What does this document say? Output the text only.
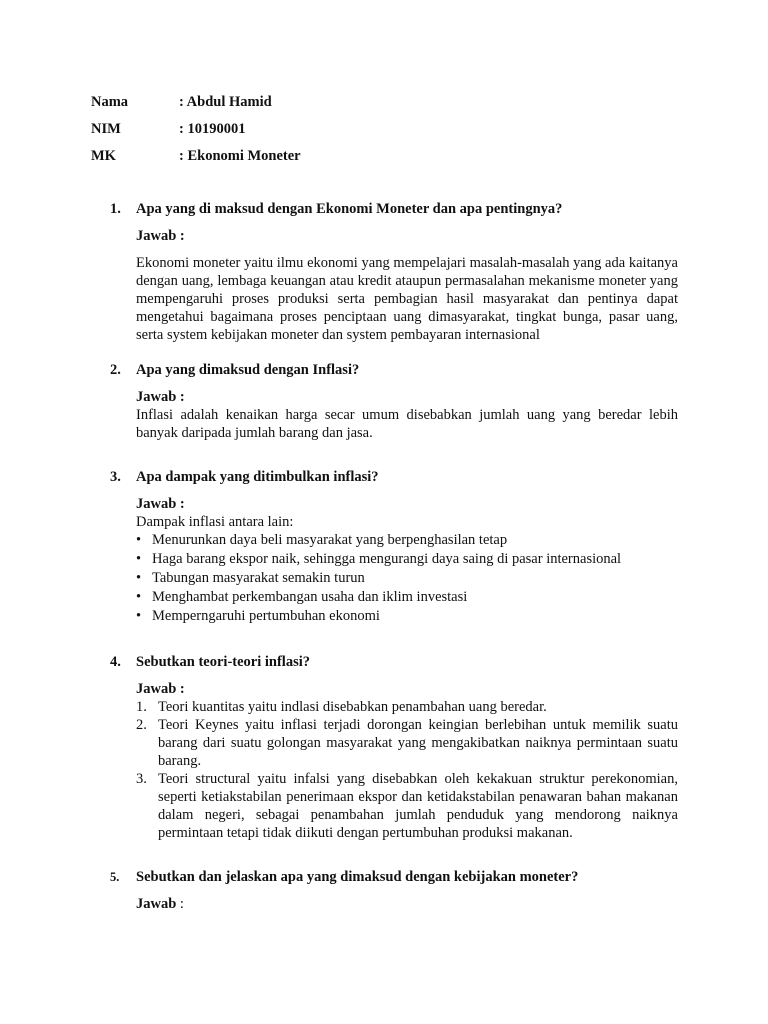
Nama	: Abdul Hamid
NIM	: 10190001
MK	: Ekonomi Moneter
1.	Apa yang di maksud dengan Ekonomi Moneter dan apa pentingnya?
Jawab :
Ekonomi moneter yaitu ilmu ekonomi yang mempelajari masalah-masalah yang ada kaitanya dengan uang, lembaga keuangan atau kredit ataupun permasalahan mekanisme moneter yang mempengaruhi proses produksi serta pembagian hasil masyarakat dan pentinya dapat mengetahui bagaimana proses penciptaan uang dimasyarakat, tingkat bunga, pasar uang, serta system kebijakan moneter dan system pembayaran internasional
2.	Apa yang dimaksud dengan Inflasi?
Jawab :
Inflasi adalah kenaikan harga secar umum disebabkan jumlah uang yang beredar lebih banyak daripada jumlah barang dan jasa.
3.	Apa dampak yang ditimbulkan inflasi?
Jawab :
Dampak inflasi antara lain:
• Menurunkan daya beli masyarakat yang berpenghasilan tetap
• Haga barang ekspor naik, sehingga mengurangi daya saing di pasar internasional
• Tabungan masyarakat semakin turun
• Menghambat perkembangan usaha dan iklim investasi
• Memperngaruhi pertumbuhan ekonomi
4.	Sebutkan teori-teori inflasi?
Jawab :
1. Teori kuantitas yaitu indlasi disebabkan penambahan uang beredar.
2. Teori Keynes yaitu inflasi terjadi dorongan keingian berlebihan untuk memilik suatu barang dari suatu golongan masyarakat yang mengakibatkan naiknya permintaan suatu barang.
3. Teori structural yaitu infalsi yang disebabkan oleh kekakuan struktur perekonomian, seperti ketiakstabilan penerimaan ekspor dan ketidakstabilan penawaran bahan makanan dalam negeri, sebagai penambahan jumlah penduduk yang mendorong naiknya permintaan tetapi tidak diikuti dengan pertumbuhan produksi makanan.
5.	Sebutkan dan jelaskan apa yang dimaksud dengan kebijakan moneter?
Jawab :
